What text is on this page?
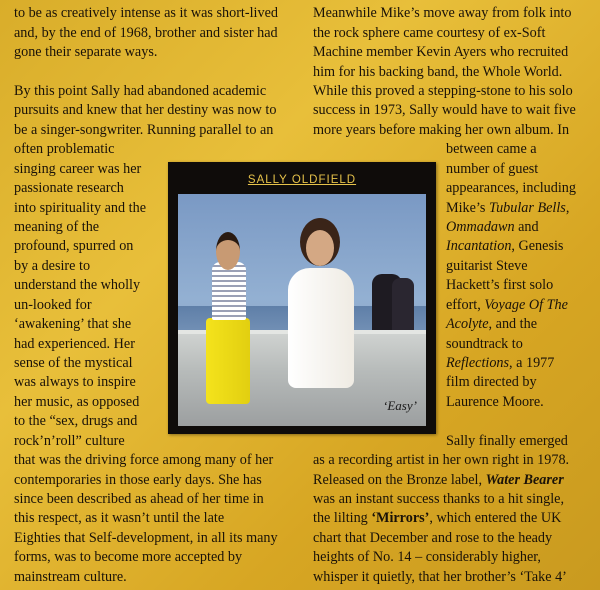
to be as creatively intense as it was short-lived
and, by the end of 1968, brother and sister had
gone their separate ways.
By this point Sally had abandoned academic
pursuits and knew that her destiny was now to
be a singer-songwriter. Running parallel to an
often problematic
singing career was her
passionate research
into spirituality and the
meaning of the
profound, spurred on
by a desire to
understand the wholly
un-looked for
‘awakening’ that she
had experienced. Her
sense of the mystical
was always to inspire
her music, as opposed
to the “sex, drugs and
rock’n’roll” culture
that was the driving force among many of her
contemporaries in those early days. She has
since been described as ahead of her time in
this respect, as it wasn’t until the late
Eighties that Self-development, in all its many
forms, was to become more accepted by
mainstream culture.
Meanwhile Mike’s move away from folk into
the rock sphere came courtesy of ex-Soft
Machine member Kevin Ayers who recruited
him for his backing band, the Whole World.
While this proved a stepping-stone to his solo
success in 1973, Sally would have to wait five
more years before making her own album. In
between came a
number of guest
appearances, including
Mike’s Tubular Bells,
Ommadawn and
Incantation, Genesis
guitarist Steve
Hackett’s first solo
effort, Voyage Of The
Acolyte, and the
soundtrack to
Reflections, a 1977
film directed by
Laurence Moore.
Sally finally emerged
as a recording artist in her own right in 1978.
Released on the Bronze label, Water Bearer
was an instant success thanks to a hit single,
the lilting ‘Mirrors’, which entered the UK
chart that December and rose to the heady
heights of No. 14 – considerably higher,
whisper it quietly, that her brother’s ‘Take 4’
SALLY OLDFIELD
‘Easy’
